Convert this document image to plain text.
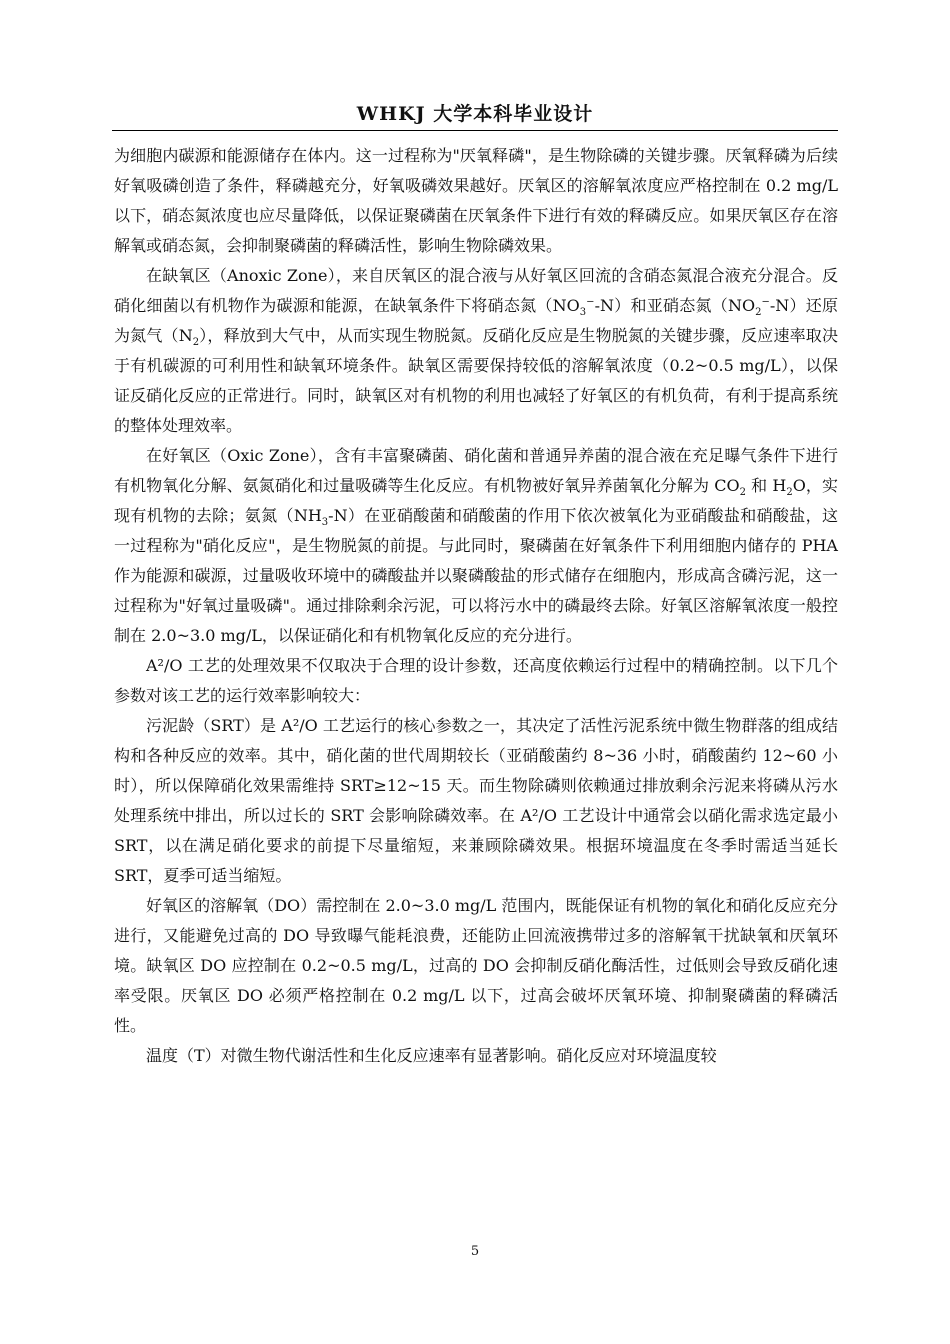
WHKJ 大学本科毕业设计

为细胞内碳源和能源储存在体内。这一过程称为"厌氧释磷"，是生物除磷的关键步骤。厌氧释磷为后续好氧吸磷创造了条件，释磷越充分，好氧吸磷效果越好。厌氧区的溶解氧浓度应严格控制在 0.2 mg/L 以下，硝态氮浓度也应尽量降低，以保证聚磷菌在厌氧条件下进行有效的释磷反应。如果厌氧区存在溶解氧或硝态氮，会抑制聚磷菌的释磷活性，影响生物除磷效果。

在缺氧区（Anoxic Zone），来自厌氧区的混合液与从好氧区回流的含硝态氮混合液充分混合。反硝化细菌以有机物作为碳源和能源，在缺氧条件下将硝态氮$(NO_3^--N)$和亚硝态氮$(NO_2^--N)$还原为氮气$(N_2)$，释放到大气中，从而实现生物脱氮。反硝化反应是生物脱氮的关键步骤，反应速率取决于有机碳源的可利用性和缺氧环境条件。缺氧区需要保持较低的溶解氧浓度（0.2~0.5 mg/L），以保证反硝化反应的正常进行。同时，缺氧区对有机物的利用也减轻了好氧区的有机负荷，有利于提高系统的整体处理效率。

在好氧区（Oxic Zone），含有丰富聚磷菌、硝化菌和普通异养菌的混合液在充足曝气条件下进行有机物氧化分解、氨氮硝化和过量吸磷等生化反应。有机物被好氧异养菌氧化分解为 $CO_2$ 和 $H_2O$，实现有机物的去除；氨氮$(NH_3-N)$在亚硝酸菌和硝酸菌的作用下依次被氧化为亚硝酸盐和硝酸盐，这一过程称为"硝化反应"，是生物脱氮的前提。与此同时，聚磷菌在好氧条件下利用细胞内储存的 PHA 作为能源和碳源，过量吸收环境中的磷酸盐并以聚磷酸盐的形式储存在细胞内，形成高含磷污泥，这一过程称为"好氧过量吸磷"。通过排除剩余污泥，可以将污水中的磷最终去除。好氧区溶解氧浓度一般控制在 2.0~3.0 mg/L，以保证硝化和有机物氧化反应的充分进行。

A²/O 工艺的处理效果不仅取决于合理的设计参数，还高度依赖运行过程中的精确控制。以下几个参数对该工艺的运行效率影响较大：

污泥龄（SRT）是 A²/O 工艺运行的核心参数之一，其决定了活性污泥系统中微生物群落的组成结构和各种反应的效率。其中，硝化菌的世代周期较长（亚硝酸菌约 8~36 小时，硝酸菌约 12~60 小时），所以保障硝化效果需维持 SRT≥12~15 天。而生物除磷则依赖通过排放剩余污泥来将磷从污水处理系统中排出，所以过长的 SRT 会影响除磷效率。在 A²/O 工艺设计中通常会以硝化需求选定最小 SRT，以在满足硝化要求的前提下尽量缩短，来兼顾除磷效果。根据环境温度在冬季时需适当延长 SRT，夏季可适当缩短。

好氧区的溶解氧（DO）需控制在 2.0~3.0 mg/L 范围内，既能保证有机物的氧化和硝化反应充分进行，又能避免过高的 DO 导致曝气能耗浪费，还能防止回流液携带过多的溶解氧干扰缺氧和厌氧环境。缺氧区 DO 应控制在 0.2~0.5 mg/L，过高的 DO 会抑制反硝化酶活性，过低则会导致反硝化速率受限。厌氧区 DO 必须严格控制在 0.2 mg/L 以下，过高会破坏厌氧环境、抑制聚磷菌的释磷活性。

温度（T）对微生物代谢活性和生化反应速率有显著影响。硝化反应对环境温度较

5
